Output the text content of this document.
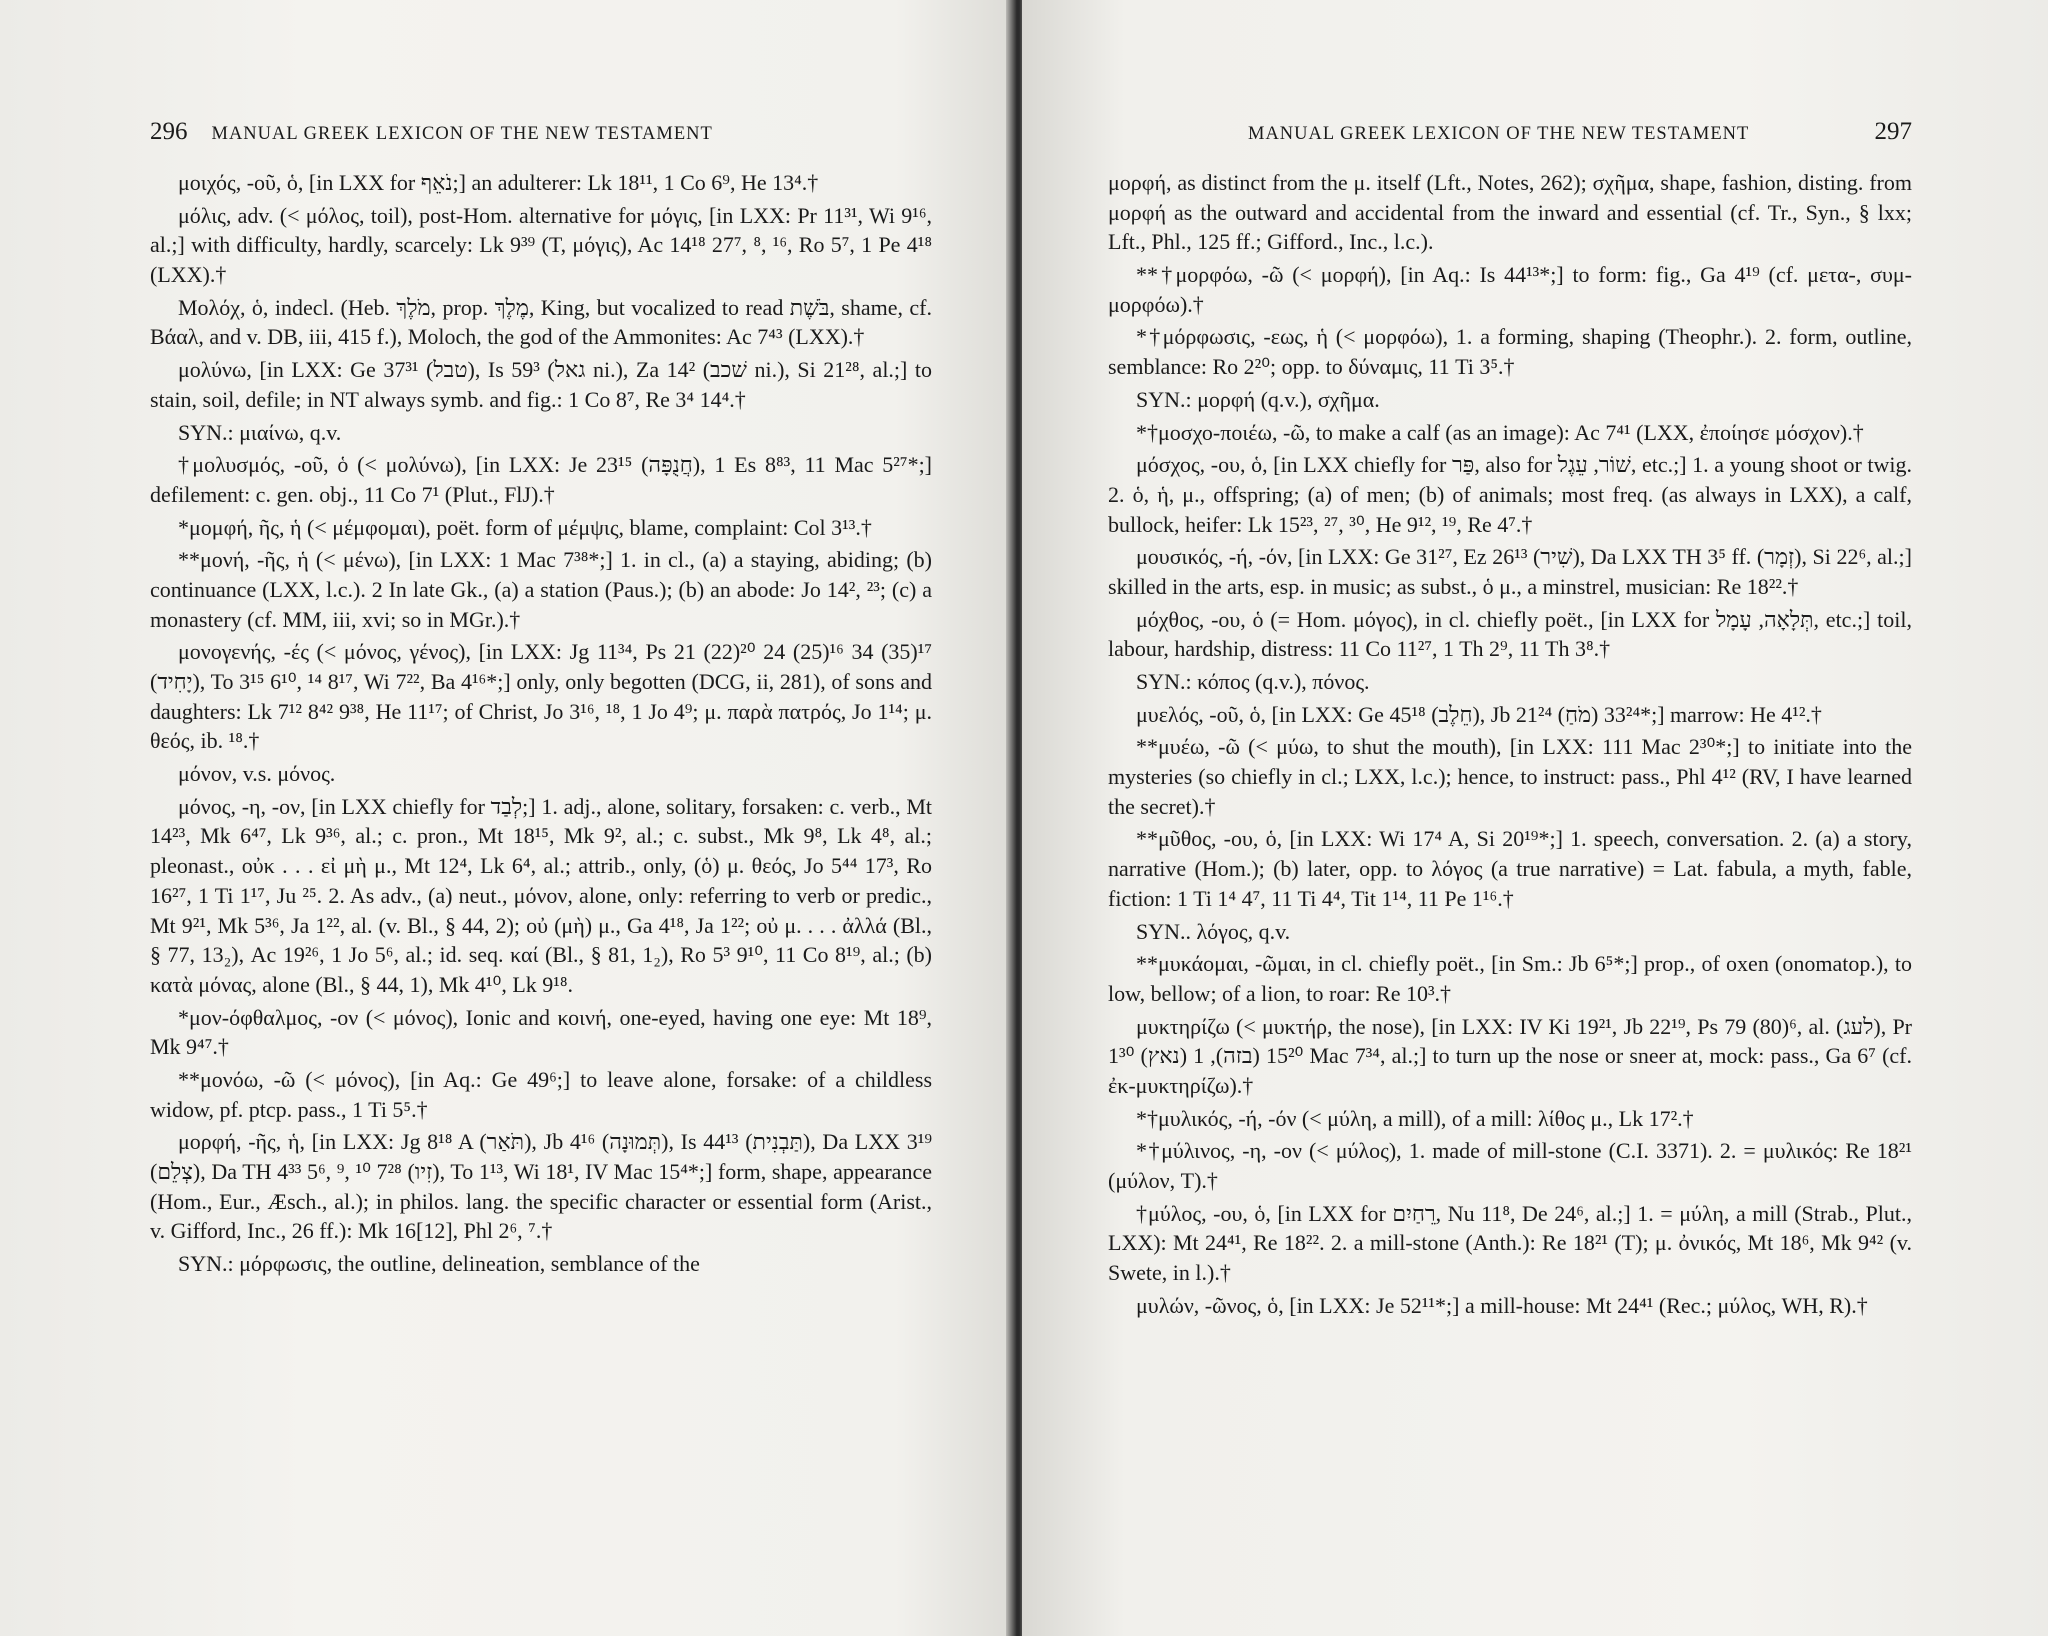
296 MANUAL GREEK LEXICON OF THE NEW TESTAMENT

μοιχός, -οῦ, ὁ, [in LXX for נֹאֵף;] an adulterer: Lk 18¹¹, 1 Co 6⁹, He 13⁴.†

μόλις, adv. (< μόλος, toil), post-Hom. alternative for μόγις, [in LXX: Pr 11³¹, Wi 9¹⁶, al.;] with difficulty, hardly, scarcely: Lk 9³⁹ (T, μόγις), Ac 14¹⁸ 27⁷, ⁸, ¹⁶, Ro 5⁷, 1 Pe 4¹⁸ (LXX).†

Μολόχ, ὁ, indecl. (Heb. מֹלֶךְ, prop. מֶלֶךְ, King, but vocalized to read בֹּשֶׁת, shame, cf. Βάαλ, and v. DB, iii, 415 f.), Moloch, the god of the Ammonites: Ac 7⁴³ (LXX).†

μολύνω, [in LXX: Ge 37³¹ (טבל), Is 59³ (גאל ni.), Za 14² (שׁכב ni.), Si 21²⁸, al.;] to stain, soil, defile; in NT always symb. and fig.: 1 Co 8⁷, Re 3⁴ 14⁴.†

SYN.: μιαίνω, q.v.

†μολυσμός, -οῦ, ὁ (< μολύνω), [in LXX: Je 23¹⁵ (חֲנֻפָּה), 1 Es 8⁸³, 11 Mac 5²⁷*;] defilement: c. gen. obj., 11 Co 7¹ (Plut., FlJ).†

*μομφή, ῆς, ἡ (< μέμφομαι), poët. form of μέμψις, blame, complaint: Col 3¹³.†

**μονή, -ῆς, ἡ (< μένω), [in LXX: 1 Mac 7³⁸*;] 1. in cl., (a) a staying, abiding; (b) continuance (LXX, l.c.). 2 In late Gk., (a) a station (Paus.); (b) an abode: Jo 14², ²³; (c) a monastery (cf. MM, iii, xvi; so in MGr.).†

μονογενής, -ές (< μόνος, γένος), [in LXX: Jg 11³⁴, Ps 21 (22)²⁰ 24 (25)¹⁶ 34 (35)¹⁷ (יָחִיד), To 3¹⁵ 6¹⁰, ¹⁴ 8¹⁷, Wi 7²², Ba 4¹⁶*;] only, only begotten (DCG, ii, 281), of sons and daughters: Lk 7¹² 8⁴² 9³⁸, He 11¹⁷; of Christ, Jo 3¹⁶, ¹⁸, 1 Jo 4⁹; μ. παρὰ πατρός, Jo 1¹⁴; μ. θεός, ib. ¹⁸.†

μόνον, v.s. μόνος.

μόνος, -η, -ον, [in LXX chiefly for לְבַד;] 1. adj., alone, solitary, forsaken: c. verb., Mt 14²³, Mk 6⁴⁷, Lk 9³⁶, al.; c. pron., Mt 18¹⁵, Mk 9², al.; c. subst., Mk 9⁸, Lk 4⁸, al.; pleonast., οὐκ . . . εἰ μὴ μ., Mt 12⁴, Lk 6⁴, al.; attrib., only, (ὁ) μ. θεός, Jo 5⁴⁴ 17³, Ro 16²⁷, 1 Ti 1¹⁷, Ju ²⁵. 2. As adv., (a) neut., μόνον, alone, only: referring to verb or predic., Mt 9²¹, Mk 5³⁶, Ja 1²², al. (v. Bl., § 44, 2); οὐ (μὴ) μ., Ga 4¹⁸, Ja 1²²; οὐ μ. . . . ἀλλά (Bl., § 77, 13₂), Ac 19²⁶, 1 Jo 5⁶, al.; id. seq. καί (Bl., § 81, 1₂), Ro 5³ 9¹⁰, 11 Co 8¹⁹, al.; (b) κατὰ μόνας, alone (Bl., § 44, 1), Mk 4¹⁰, Lk 9¹⁸.

*μον-όφθαλμος, -ον (< μόνος), Ionic and κοινή, one-eyed, having one eye: Mt 18⁹, Mk 9⁴⁷.†

**μονόω, -ῶ (< μόνος), [in Aq.: Ge 49⁶;] to leave alone, forsake: of a childless widow, pf. ptcp. pass., 1 Ti 5⁵.†

μορφή, -ῆς, ἡ, [in LXX: Jg 8¹⁸ A (תֹּאַר), Jb 4¹⁶ (תְּמוּנָה), Is 44¹³ (תַּבְנִית), Da LXX 3¹⁹ (צְלֵם), Da TH 4³³ 5⁶, ⁹, ¹⁰ 7²⁸ (זִיו), To 1¹³, Wi 18¹, IV Mac 15⁴*;] form, shape, appearance (Hom., Eur., Æsch., al.); in philos. lang. the specific character or essential form (Arist., v. Gifford, Inc., 26 ff.): Mk 16[12], Phl 2⁶, ⁷.†

SYN.: μόρφωσις, the outline, delineation, semblance of the

MANUAL GREEK LEXICON OF THE NEW TESTAMENT	297

μορφή, as distinct from the μ. itself (Lft., Notes, 262); σχῆμα, shape, fashion, disting. from μορφή as the outward and accidental from the inward and essential (cf. Tr., Syn., § lxx; Lft., Phl., 125 ff.; Gifford., Inc., l.c.).

**†μορφόω, -ῶ (< μορφή), [in Aq.: Is 44¹³*;] to form: fig., Ga 4¹⁹ (cf. μετα-, συμ-μορφόω).†

*†μόρφωσις, -εως, ἡ (< μορφόω), 1. a forming, shaping (Theophr.). 2. form, outline, semblance: Ro 2²⁰; opp. to δύναμις, 11 Ti 3⁵.†

SYN.: μορφή (q.v.), σχῆμα.

*†μοσχο-ποιέω, -ῶ, to make a calf (as an image): Ac 7⁴¹ (LXX, ἐποίησε μόσχον).†

μόσχος, -ου, ὁ, [in LXX chiefly for פַּר, also for שׁוֹר, עֵגֶל, etc.;] 1. a young shoot or twig. 2. ὁ, ἡ, μ., offspring; (a) of men; (b) of animals; most freq. (as always in LXX), a calf, bullock, heifer: Lk 15²³, ²⁷, ³⁰, He 9¹², ¹⁹, Re 4⁷.†

μουσικός, -ή, -όν, [in LXX: Ge 31²⁷, Ez 26¹³ (שִׁיר), Da LXX TH 3⁵ ff. (זְמָר), Si 22⁶, al.;] skilled in the arts, esp. in music; as subst., ὁ μ., a minstrel, musician: Re 18²².†

μόχθος, -ου, ὁ (= Hom. μόγος), in cl. chiefly poët., [in LXX for תְּלָאָה, עָמָל, etc.;] toil, labour, hardship, distress: 11 Co 11²⁷, 1 Th 2⁹, 11 Th 3⁸.†

SYN.: κόπος (q.v.), πόνος.

μυελός, -οῦ, ὁ, [in LXX: Ge 45¹⁸ (חֵלֶב), Jb 21²⁴ (מֹחַ) 33²⁴*;] marrow: He 4¹².†

**μυέω, -ῶ (< μύω, to shut the mouth), [in LXX: 111 Mac 2³⁰*;] to initiate into the mysteries (so chiefly in cl.; LXX, l.c.); hence, to instruct: pass., Phl 4¹² (RV, I have learned the secret).†

**μῦθος, -ου, ὁ, [in LXX: Wi 17⁴ A, Si 20¹⁹*;] 1. speech, conversation. 2. (a) a story, narrative (Hom.); (b) later, opp. to λόγος (a true narrative) = Lat. fabula, a myth, fable, fiction: 1 Ti 1⁴ 4⁷, 11 Ti 4⁴, Tit 1¹⁴, 11 Pe 1¹⁶.†

SYN.. λόγος, q.v.

**μυκάομαι, -ῶμαι, in cl. chiefly poët., [in Sm.: Jb 6⁵*;] prop., of oxen (onomatop.), to low, bellow; of a lion, to roar: Re 10³.†

μυκτηρίζω (< μυκτήρ, the nose), [in LXX: IV Ki 19²¹, Jb 22¹⁹, Ps 79 (80)⁶, al. (לעג), Pr 1³⁰ (נאץ) 15²⁰ (בזה), 1 Mac 7³⁴, al.;] to turn up the nose or sneer at, mock: pass., Ga 6⁷ (cf. ἐκ-μυκτηρίζω).†

*†μυλικός, -ή, -όν (< μύλη, a mill), of a mill: λίθος μ., Lk 17².†

*†μύλινος, -η, -ον (< μύλος), 1. made of mill-stone (C.I. 3371). 2. = μυλικός: Re 18²¹ (μύλον, T).†

†μύλος, -ου, ὁ, [in LXX for רֵחַיִם, Nu 11⁸, De 24⁶, al.;] 1. = μύλη, a mill (Strab., Plut., LXX): Mt 24⁴¹, Re 18²². 2. a mill-stone (Anth.): Re 18²¹ (T); μ. ὀνικός, Mt 18⁶, Mk 9⁴² (v. Swete, in l.).†

μυλών, -ῶνος, ὁ, [in LXX: Je 52¹¹*;] a mill-house: Mt 24⁴¹ (Rec.; μύλος, WH, R).†
